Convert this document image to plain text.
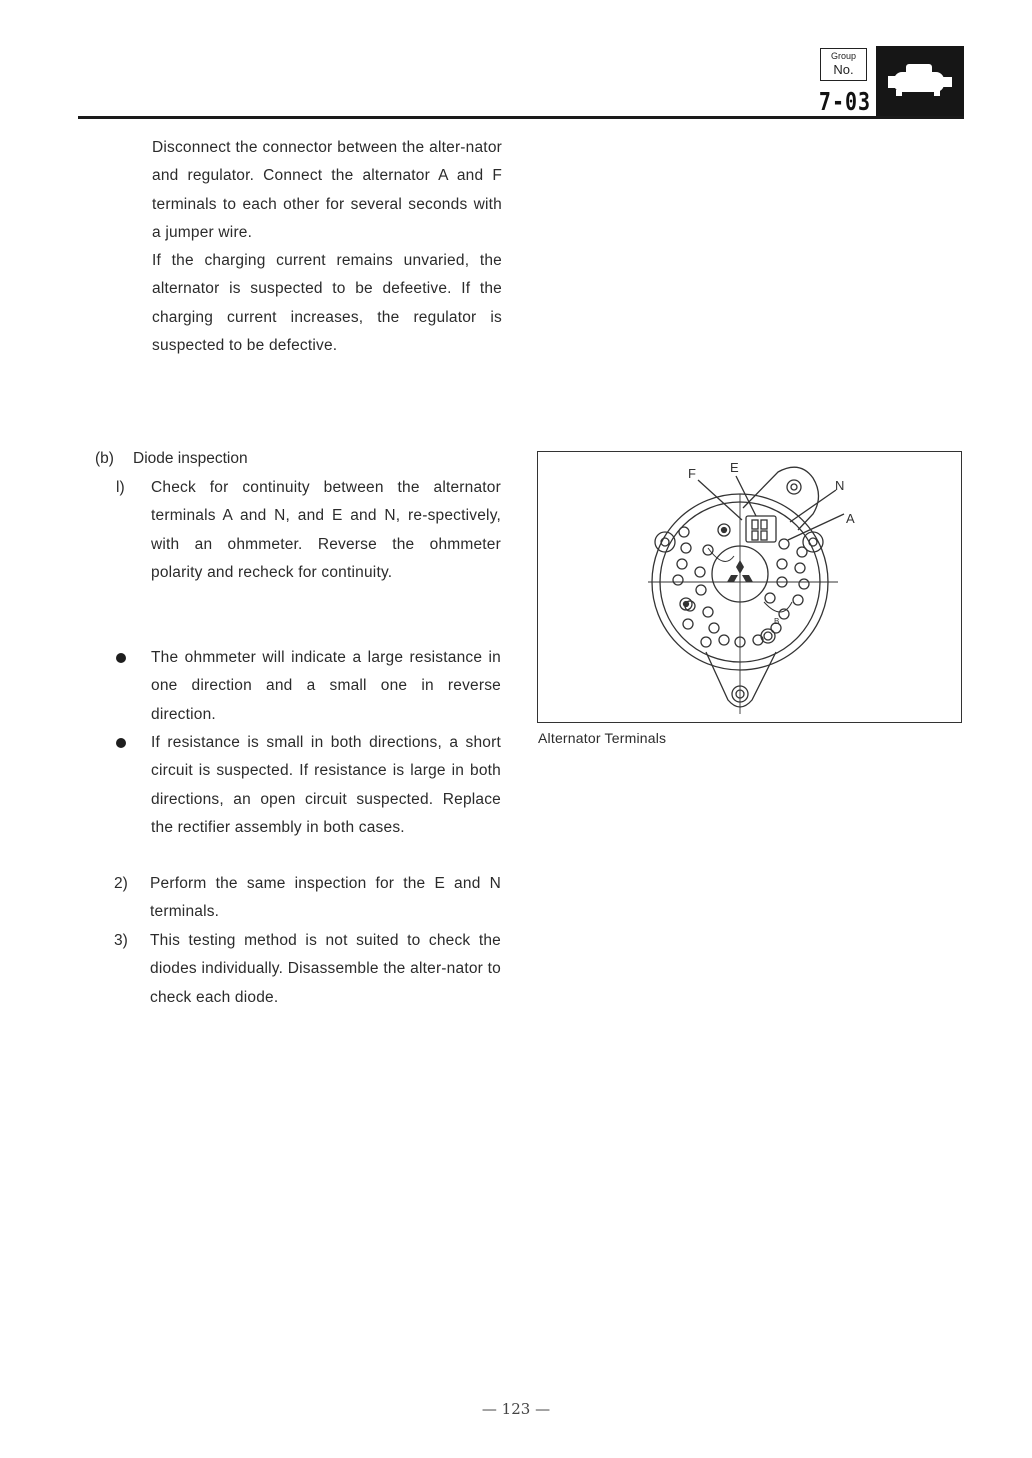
Group
No.
7-03
Disconnect the connector between the alter-nator and regulator. Connect the alternator A and F terminals to each other for several seconds with a jumper wire.
If the charging current remains unvaried, the alternator is suspected to be defeetive. If the charging current increases, the regulator is suspected to be defective.
(b) Diode inspection
l) Check for continuity between the alternator terminals A and N, and E and N, re-spectively, with an ohmmeter. Reverse the ohmmeter polarity and recheck for continuity.
The ohmmeter will indicate a large resistance in one direction and a small one in reverse direction.
If resistance is small in both directions, a short circuit is suspected. If resistance is large in both directions, an open circuit suspected. Replace the rectifier assembly in both cases.
2) Perform the same inspection for the E and N terminals.
3) This testing method is not suited to check the diodes individually. Disassemble the alter-nator to check each diode.
F	E
N
A
B
Alternator Terminals
— 123 —
